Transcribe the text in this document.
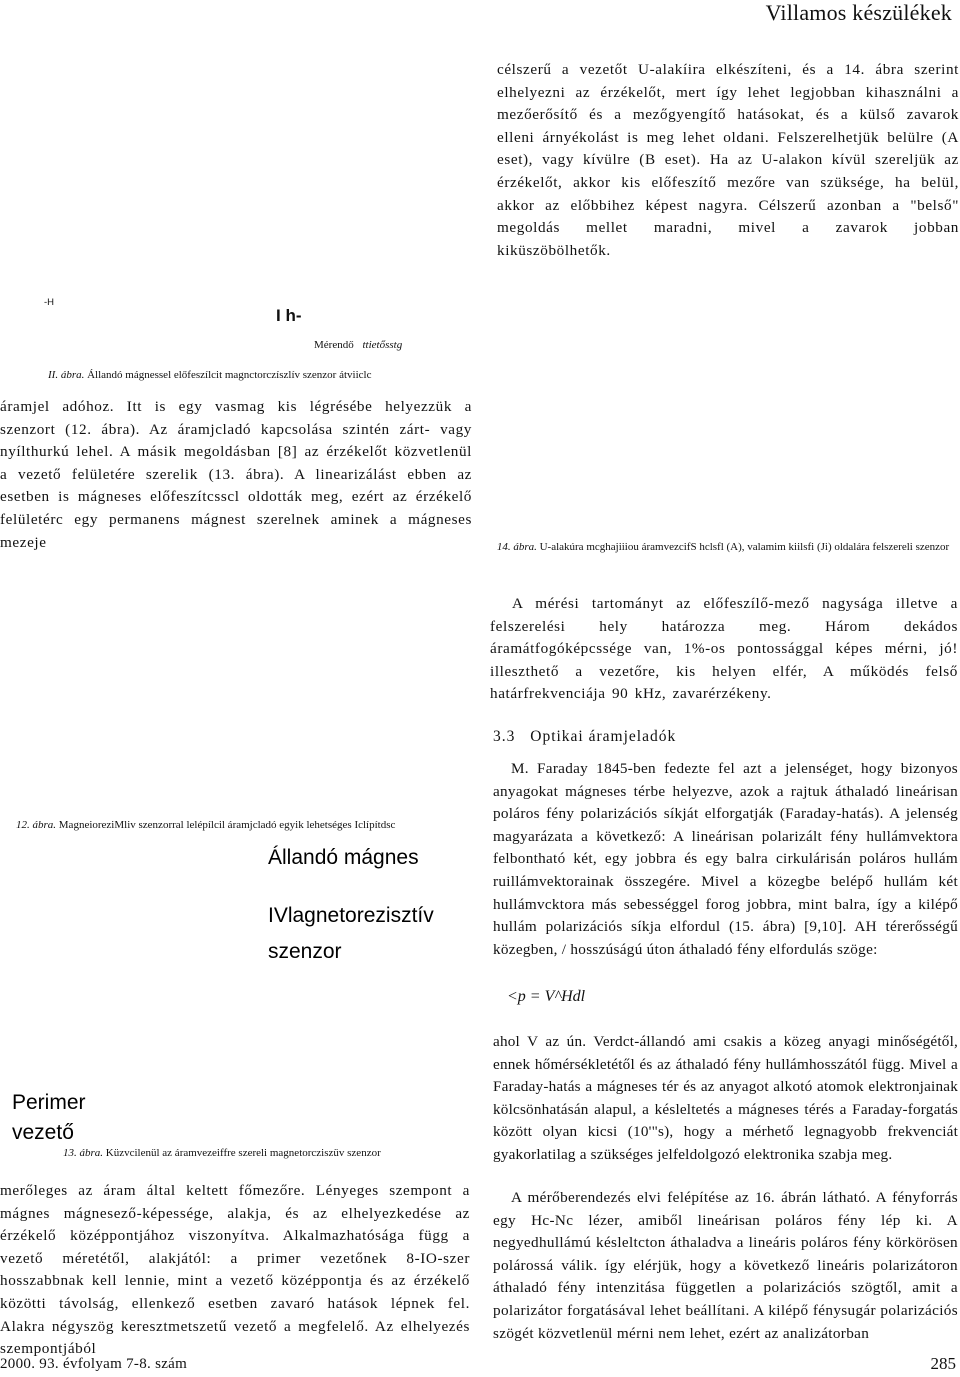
Villamos készülékek
célszerű a vezetőt U-alakíira elkészíteni, és a 14. ábra szerint elhelyezni az érzékelőt, mert így lehet legjobban kihasználni a mezőerősítő és a mezőgyengítő hatásokat, és a külső zavarok elleni árnyékolást is meg lehet oldani. Felszerelhetjük belülre (A eset), vagy kívülre (B eset). Ha az U-alakon kívül szereljük az érzékelőt, akkor kis előfeszítő mezőre van szüksége, ha belül, akkor az előbbihez képest nagyra. Célszerű azonban a "belső" megoldás mellet maradni, mivel a zavarok jobban kiküszöbölhetők.
-H
I h-
Mérendő ttietősstg
II. ábra. Állandó mágnessel előfeszílcit magnctorczíszlív szenzor átviiclc
áramjel adóhoz. Itt is egy vasmag kis légrésébe helyezzük a szenzort (12. ábra). Az áramjcladó kapcsolása szintén zárt- vagy nyílthurkú lehel. A másik megoldásban [8] az érzékelőt közvetlenül a vezető felületére szerelik (13. ábra). A linearizálást ebben az esetben is mágneses előfeszítcsscl oldották meg, ezért az érzékelő felületérc egy permanens mágnest szerelnek aminek a mágneses mezeje	14. ábra. U-alakúra mcghajiiiou áramvezcifS hclsfl (A), valamim kiilsfi (Ji) oldalára felszereli szenzor
A mérési tartományt az előfeszílő-mező nagysága illetve a felszerelési hely határozza meg. Három dekádos áramátfogóképcssége van, 1%-os pontossággal képes mérni, jó! illeszthető a vezetőre, kis helyen elfér, A működés felső határfrekvenciája 90 kHz, zavarérzékeny.
3.3 Optikai áramjeladók
M. Faraday 1845-ben fedezte fel azt a jelenséget, hogy bizonyos anyagokat mágneses térbe helyezve, azok a rajtuk áthaladó lineárisan poláros fény polarizációs síkját elforgatják (Faraday-hatás). A jelenség magyarázata a következő: A lineárisan polarizált fény hullámvektora felbontható két, egy jobbra és egy balra cirkulárisán poláros hullám ruillámvektorainak összegére. Mivel a közegbe belépő hullám két hullámvcktora más sebességgel forog jobbra, mint balra, így a kilépő hullám polarizációs síkja elfordul (15. ábra) [9,10]. AH térerősségű közegben, / hosszúságú úton áthaladó fény elfordulás szöge:
12. ábra. MagneioreziMliv szenzorral lelépílcil áramjcladó egyik lehetséges Iclípítdsc
Állandó mágnes
IVlagnetorezisztív
szenzor
<p = V^Hdl
Perimer
vezető
13. ábra. Küzvcilenül az áramvezeiffre szereli magnetorcziszüv szenzor
ahol V az ún. Verdct-állandó ami csakis a közeg anyagi minőségétől, ennek hőmérsékletétől és az áthaladó fény hullámhosszától függ. Mivel a Faraday-hatás a mágneses tér és az anyagot alkotó atomok elektronjainak kölcsönhatásán alapul, a késleltetés a mágneses térés a Faraday-forgatás között olyan kicsi (10'"s), hogy a mérhető legnagyobb frekvenciát gyakorlatilag a szükséges jelfeldolgozó elektronika szabja meg.
A mérőberendezés elvi felépítése az 16. ábrán látható. A fényforrás egy Hc-Nc lézer, amiből lineárisan poláros fény lép ki. A negyedhullámú késleltcton áthaladva a lineáris poláros fény körkörösen polárossá válik. így elérjük, hogy a következő lineáris polarizátoron áthaladó fény intenzitása független a polarizációs szögtől, amit a polarizátor forgatásával lehet beállítani. A kilépő fénysugár polarizációs szögét közvetlenül mérni nem lehet, ezért az analizátorban
merőleges az áram által keltett főmezőre. Lényeges szempont a mágnes mágnesező-képessége, alakja, és az elhelyezkedése az érzékelő középpontjához viszonyítva. Alkalmazhatósága függ a vezető méretétől, alakjától: a primer vezetőnek 8-IO-szer hosszabbnak kell lennie, mint a vezető középpontja és az érzékelő közötti távolság, ellenkező esetben zavaró hatások lépnek fel. Alakra négyszög keresztmetszetű vezető a megfelelő. Az elhelyezés szempontjából
2000. 93. évfolyam 7-8. szám	285
